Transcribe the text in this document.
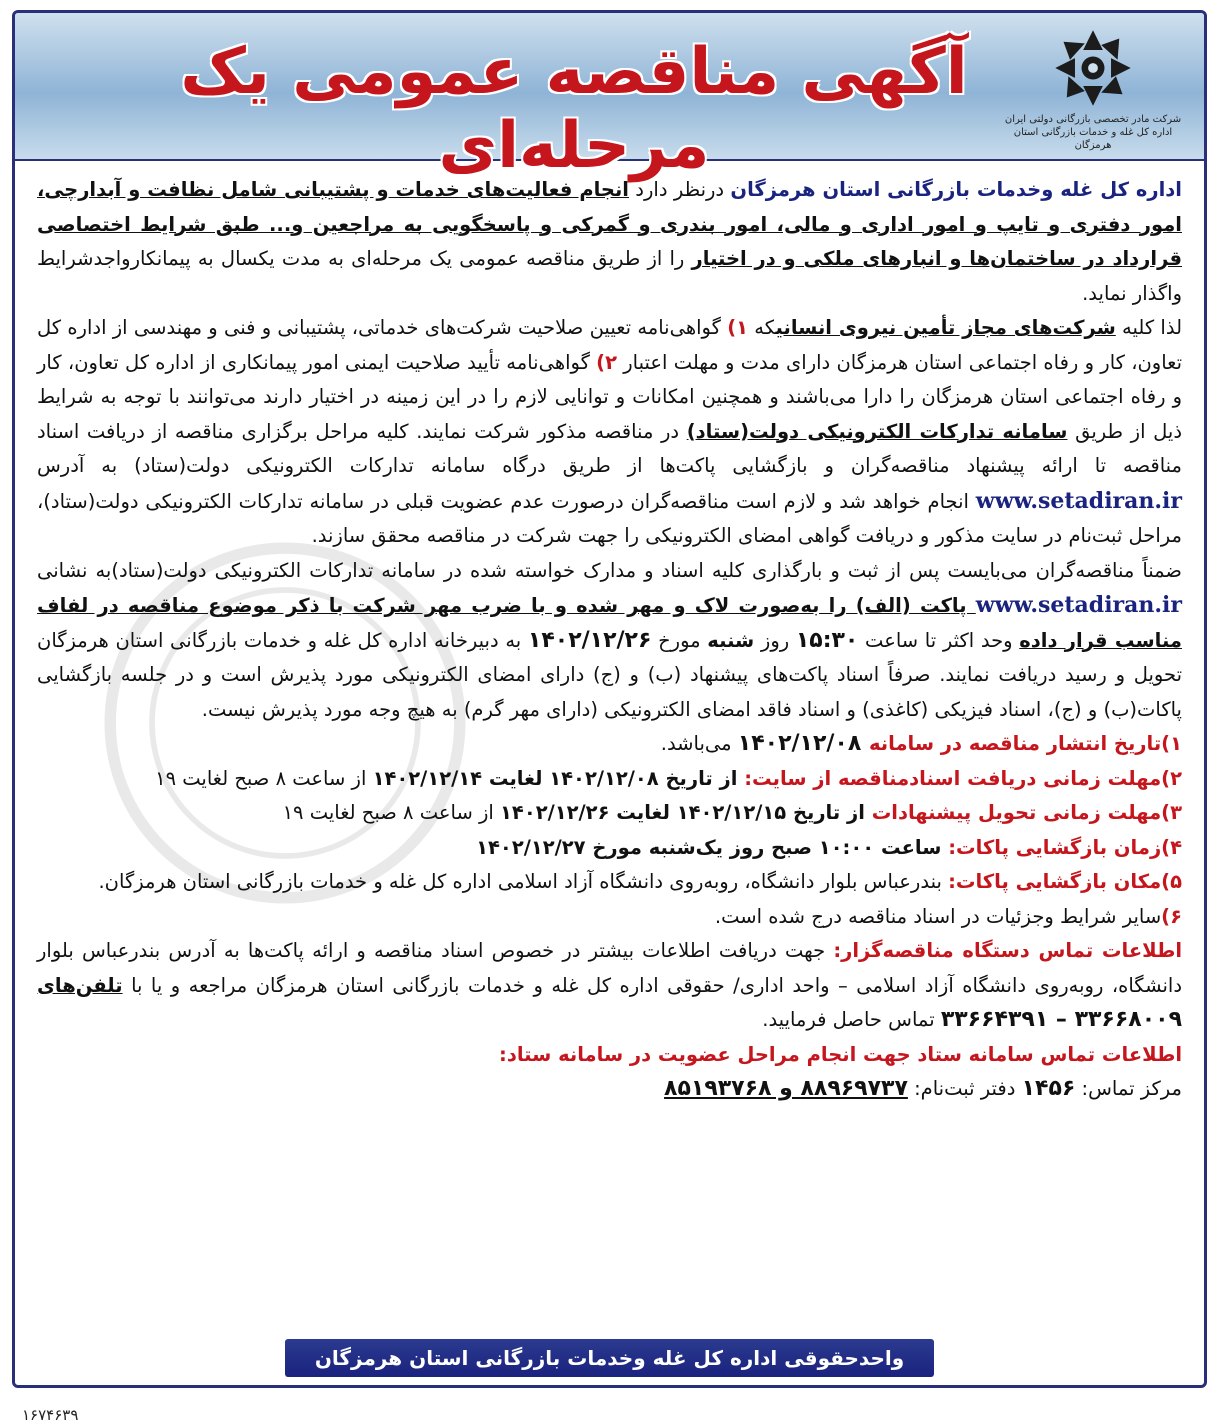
آگهی مناقصه عمومی یک مرحله‌ای	شرکت مادر تخصصی بازرگانی دولتی ایران
اداره کل غله و خدمات بازرگانی استان هرمزگان

اداره کل غله وخدمات بازرگانی استان هرمزگان درنظر دارد انجام فعالیت‌های خدمات و پشتیبانی شامل نظافت و آبدارچی، امور دفتری و تایپ و امور اداری و مالی، امور بندری و گمرکی و پاسخگویی به مراجعین و... طبق شرایط اختصاصی قرارداد در ساختمان‌ها و انبارهای ملکی و در اختیار را از طریق مناقصه عمومی یک مرحله‌ای به مدت یکسال به پیمانکارواجدشرایط واگذار نماید.

لذا کلیه شرکت‌های مجاز تأمین نیروی انسانیکه ۱) گواهی‌نامه تعیین صلاحیت شرکت‌های خدماتی، پشتیبانی و فنی و مهندسی از اداره کل تعاون، کار و رفاه اجتماعی استان هرمزگان دارای مدت و مهلت اعتبار ۲) گواهی‌نامه تأیید صلاحیت ایمنی امور پیمانکاری از اداره کل تعاون، کار و رفاه اجتماعی استان هرمزگان را دارا می‌باشند و همچنین امکانات و توانایی لازم را در این زمینه در اختیار دارند می‌توانند با توجه به شرایط ذیل از طریق سامانه تدارکات الکترونیکی دولت(ستاد) در مناقصه مذکور شرکت نمایند. کلیه مراحل برگزاری مناقصه از دریافت اسناد مناقصه تا ارائه پیشنهاد مناقصه‌گران و بازگشایی پاکت‌ها از طریق درگاه سامانه تدارکات الکترونیکی دولت(ستاد) به آدرس www.setadiran.ir انجام خواهد شد و لازم است مناقصه‌گران درصورت عدم عضویت قبلی در سامانه تدارکات الکترونیکی دولت(ستاد)، مراحل ثبت‌نام در سایت مذکور و دریافت گواهی امضای الکترونیکی را جهت شرکت در مناقصه محقق سازند.

ضمناً مناقصه‌گران می‌بایست پس از ثبت و بارگذاری کلیه اسناد و مدارک خواسته شده در سامانه تدارکات الکترونیکی دولت(ستاد)به نشانی www.setadiran.ir پاکت (الف) را به‌صورت لاک و مهر شده و با ضرب مهر شرکت با ذکر موضوع مناقصه در لفاف مناسب قرار داده وحد اکثر تا ساعت ۱۵:۳۰ روز شنبه مورخ ۱۴۰۲/۱۲/۲۶ به دبیرخانه اداره کل غله و خدمات بازرگانی استان هرمزگان تحویل و رسید دریافت نمایند. صرفاً اسناد پاکت‌های پیشنهاد (ب) و (ج) دارای امضای الکترونیکی مورد پذیرش است و در جلسه بازگشایی پاکات(ب) و (ج)، اسناد فیزیکی (کاغذی) و اسناد فاقد امضای الکترونیکی (دارای مهر گرم) به هیچ وجه مورد پذیرش نیست.

۱)تاریخ انتشار مناقصه در سامانه ۱۴۰۲/۱۲/۰۸ می‌باشد.

۲)مهلت زمانی دریافت اسنادمناقصه از سایت: از تاریخ ۱۴۰۲/۱۲/۰۸ لغایت ۱۴۰۲/۱۲/۱۴ از ساعت ۸ صبح لغایت ۱۹

۳)مهلت زمانی تحویل پیشنهادات از تاریخ ۱۴۰۲/۱۲/۱۵ لغایت ۱۴۰۲/۱۲/۲۶ از ساعت ۸ صبح لغایت ۱۹

۴)زمان بازگشایی پاکات: ساعت ۱۰:۰۰ صبح روز یک‌شنبه مورخ ۱۴۰۲/۱۲/۲۷

۵)مکان بازگشایی پاکات: بندرعباس بلوار دانشگاه، روبه‌روی دانشگاه آزاد اسلامی اداره کل غله و خدمات بازرگانی استان هرمزگان.

۶)سایر شرایط وجزئیات در اسناد مناقصه درج شده است.

اطلاعات تماس دستگاه مناقصه‌گزار: جهت دریافت اطلاعات بیشتر در خصوص اسناد مناقصه و ارائه پاکت‌ها به آدرس بندرعباس بلوار دانشگاه، روبه‌روی دانشگاه آزاد اسلامی – واحد اداری/ حقوقی اداره کل غله و خدمات بازرگانی استان هرمزگان مراجعه و یا با تلفن‌های ۳۳۶۶۸۰۰۹ – ۳۳۶۶۴۳۹۱ تماس حاصل فرمایید.

اطلاعات تماس سامانه ستاد جهت انجام مراحل عضویت در سامانه ستاد:

مرکز تماس: ۱۴۵۶ دفتر ثبت‌نام: ۸۸۹۶۹۷۳۷ و ۸۵۱۹۳۷۶۸

واحدحقوقی اداره کل غله وخدمات بازرگانی استان هرمزگان
۱۶۷۴۶۳۹
